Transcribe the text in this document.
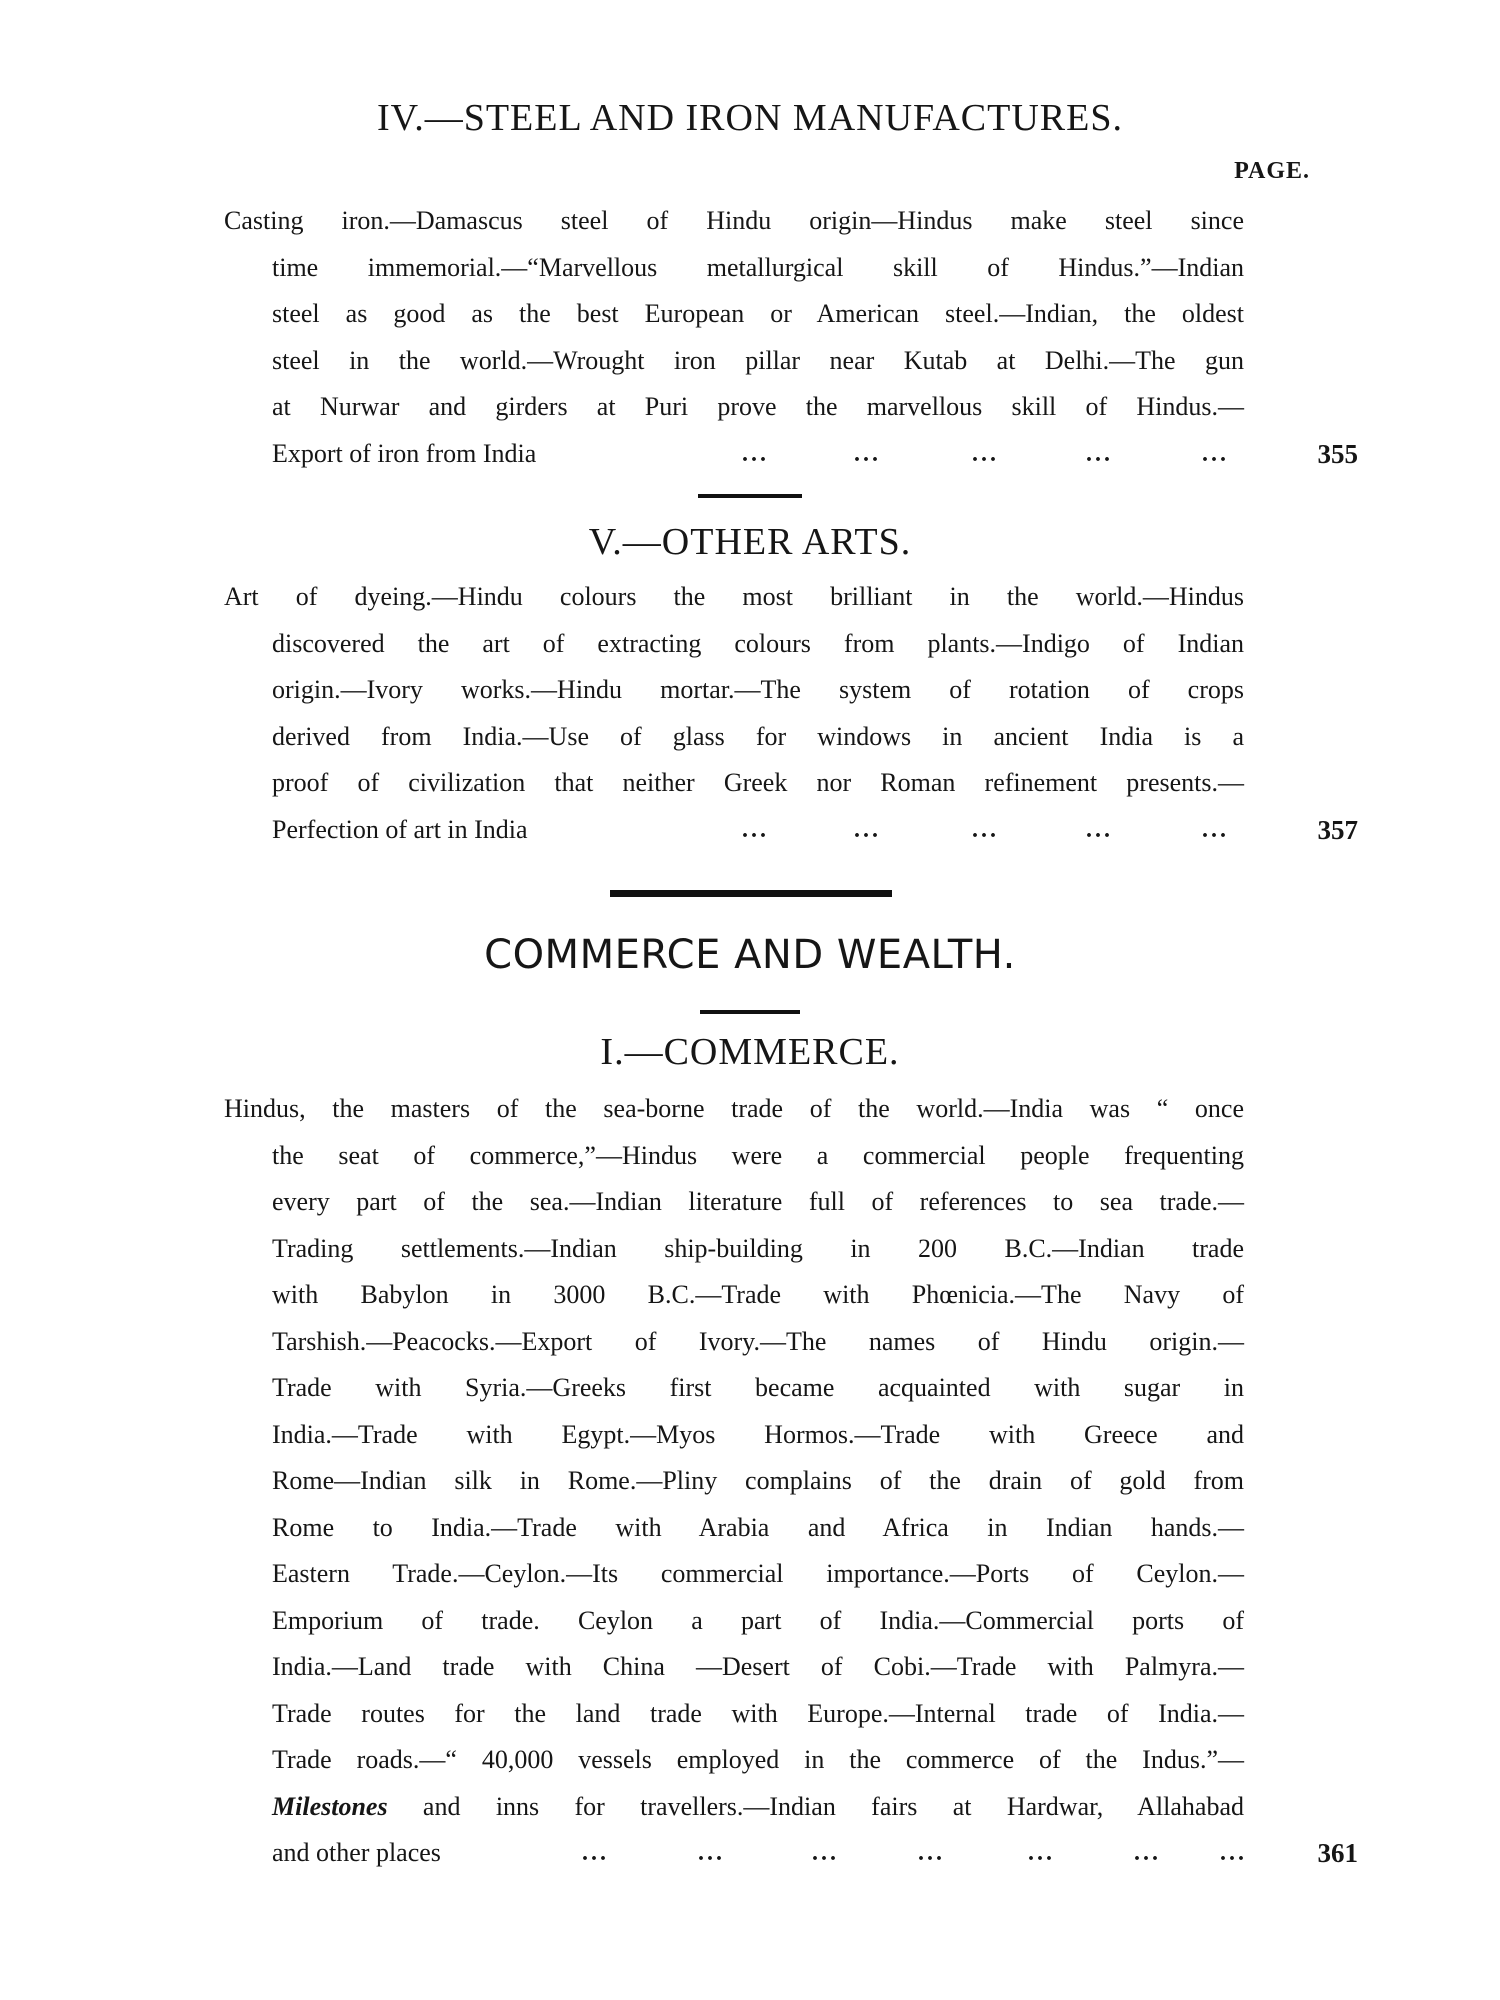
IV.—STEEL AND IRON MANUFACTURES.
PAGE.
Casting iron.—Damascus steel of Hindu origin—Hindus make steel since
time immemorial.—“Marvellous metallurgical skill of Hindus.”—Indian
steel as good as the best European or American steel.—Indian, the oldest
steel in the world.—Wrought iron pillar near Kutab at Delhi.—The gun
at Nurwar and girders at Puri prove the marvellous skill of Hindus.—
Export of iron from India	...	...	...	...	...	355
V.—OTHER ARTS.
Art of dyeing.—Hindu colours the most brilliant in the world.—Hindus
discovered the art of extracting colours from plants.—Indigo of Indian
origin.—Ivory works.—Hindu mortar.—The system of rotation of crops
derived from India.—Use of glass for windows in ancient India is a
proof of civilization that neither Greek nor Roman refinement presents.—
Perfection of art in India	...	...	...	...	...	357
COMMERCE AND WEALTH.
I.—COMMERCE.
Hindus, the masters of the sea-borne trade of the world.—India was “ once
the seat of commerce,”—Hindus were a commercial people frequenting
every part of the sea.—Indian literature full of references to sea trade.—
Trading settlements.—Indian ship-building in 200 B.C.—Indian trade
with Babylon in 3000 B.C.—Trade with Phœnicia.—The Navy of
Tarshish.—Peacocks.—Export of Ivory.—The names of Hindu origin.—
Trade with Syria.—Greeks first became acquainted with sugar in
India.—Trade with Egypt.—Myos Hormos.—Trade with Greece and
Rome—Indian silk in Rome.—Pliny complains of the drain of gold from
Rome to India.—Trade with Arabia and Africa in Indian hands.—
Eastern Trade.—Ceylon.—Its commercial importance.—Ports of Ceylon.—
Emporium of trade. Ceylon a part of India.—Commercial ports of
India.—Land trade with China —Desert of Cobi.—Trade with Palmyra.—
Trade routes for the land trade with Europe.—Internal trade of India.—
Trade roads.—“ 40,000 vessels employed in the commerce of the Indus.”—
Milestones and inns for travellers.—Indian fairs at Hardwar, Allahabad
and other places	...	...	...	...	...	... ...	361
